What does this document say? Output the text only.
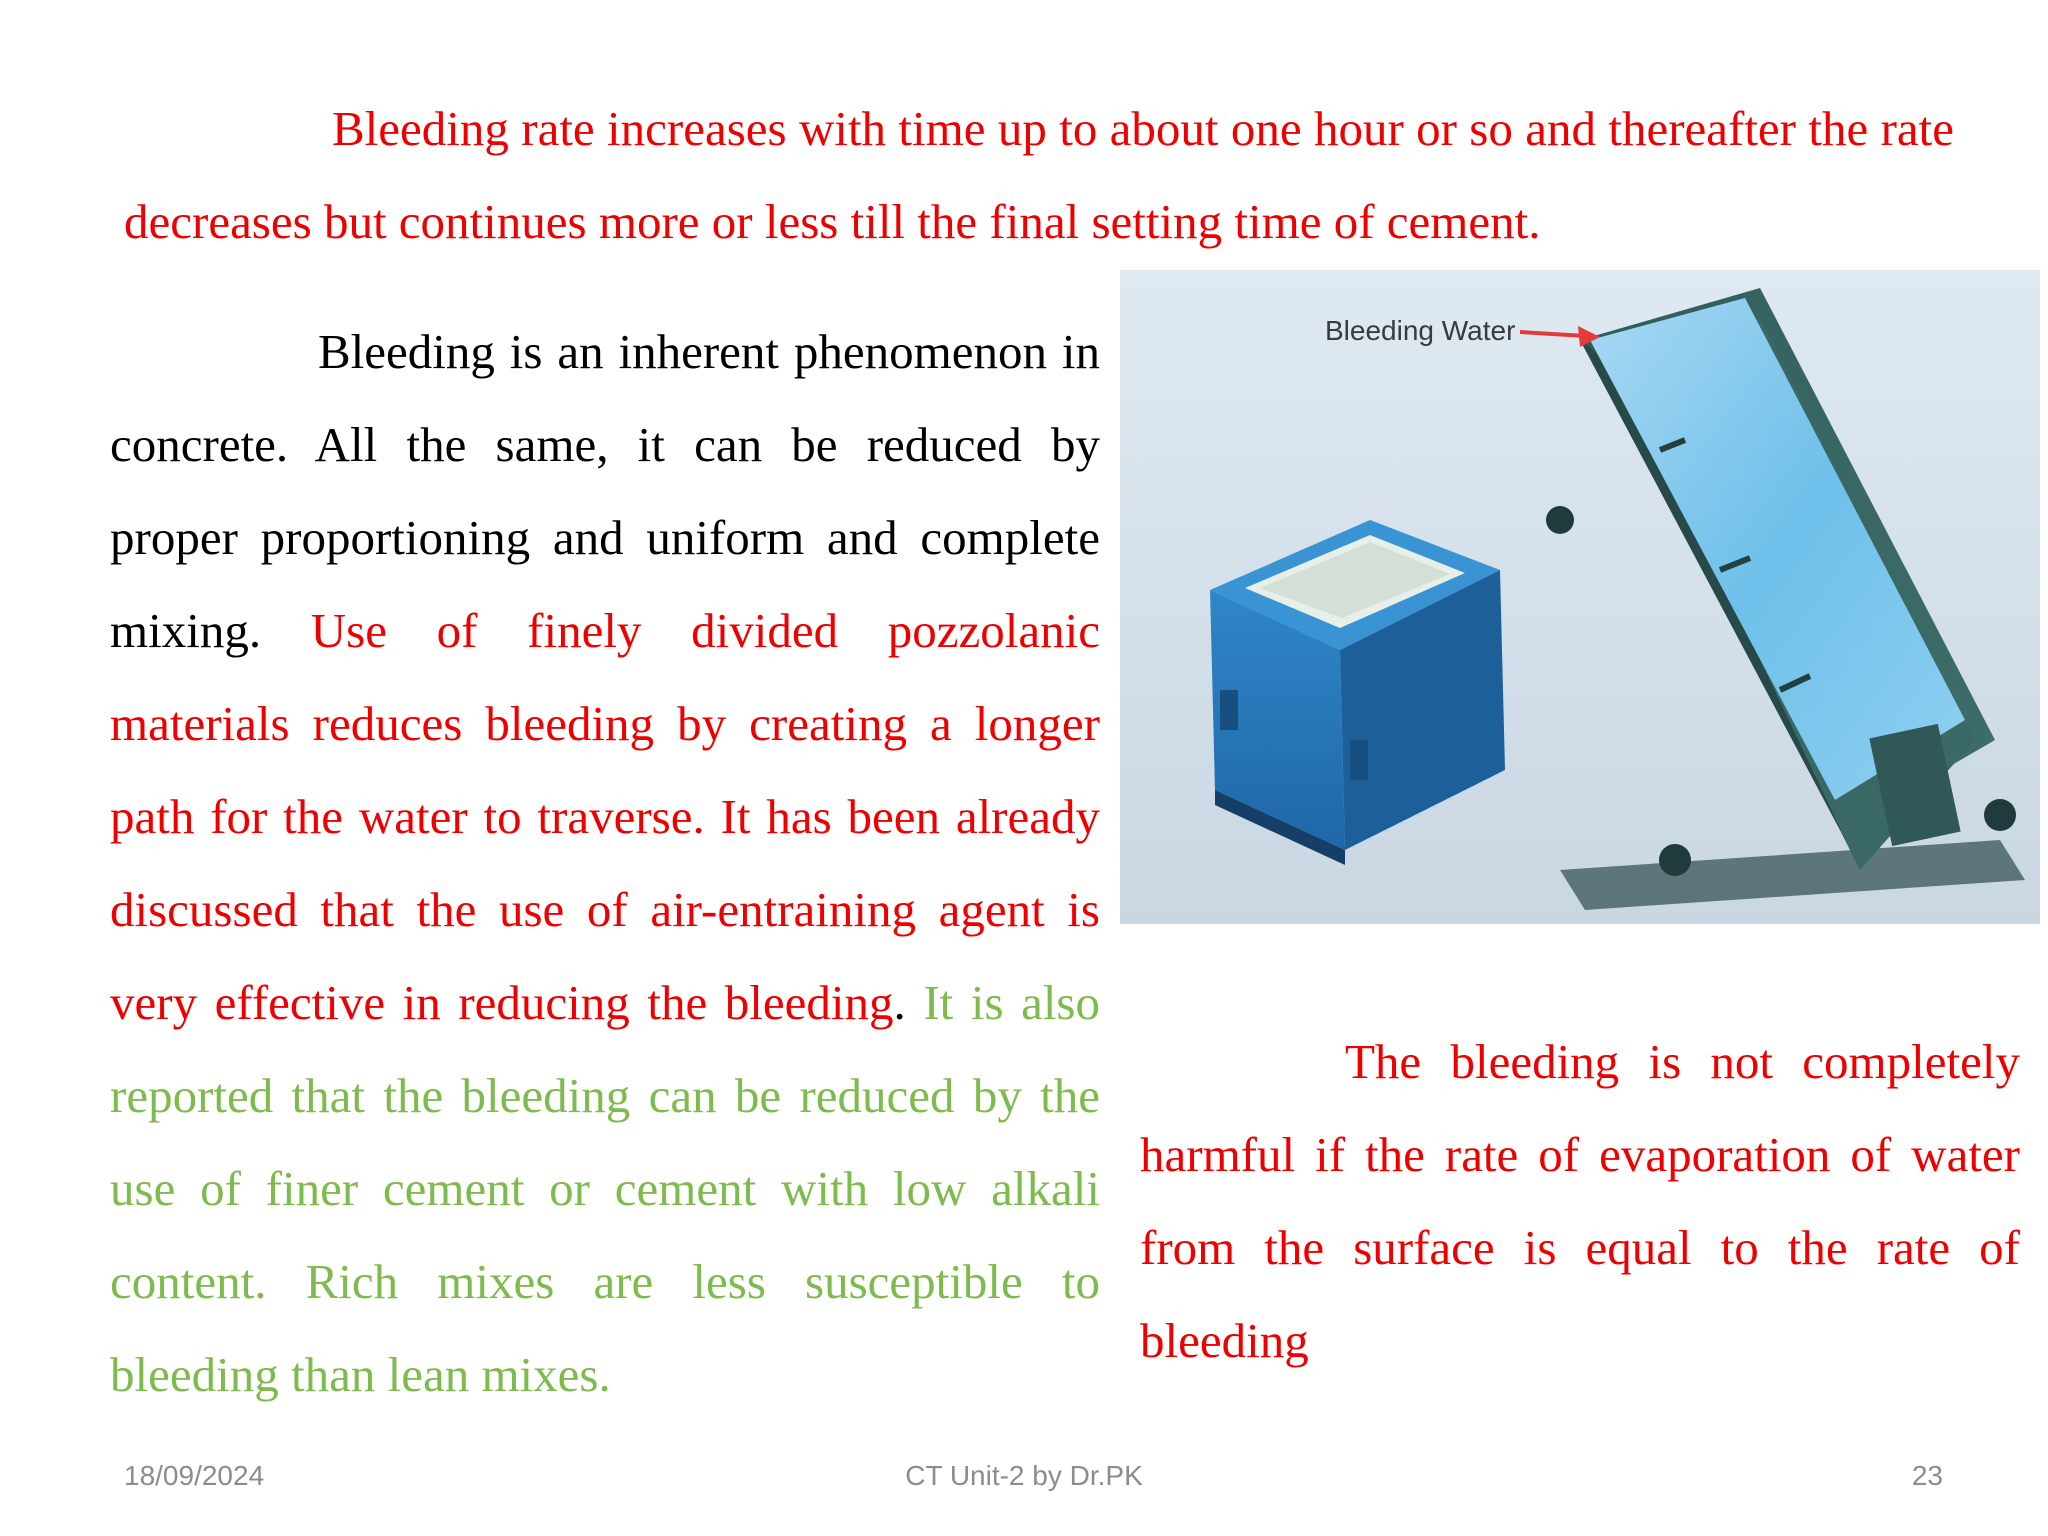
Bleeding rate increases with time up to about one hour or so and thereafter the rate decreases but continues more or less till the final setting time of cement.
Bleeding is an inherent phenomenon in concrete. All the same, it can be reduced by proper proportioning and uniform and complete mixing. Use of finely divided pozzolanic materials reduces bleeding by creating a longer path for the water to traverse. It has been already discussed that the use of air-entraining agent is very effective in reducing the bleeding. It is also reported that the bleeding can be reduced by the use of finer cement or cement with low alkali content. Rich mixes are less susceptible to bleeding than lean mixes.
Bleeding Water
The bleeding is not completely harmful if the rate of evaporation of water from the surface is equal to the rate of bleeding
18/09/2024	CT Unit-2 by Dr.PK	23
